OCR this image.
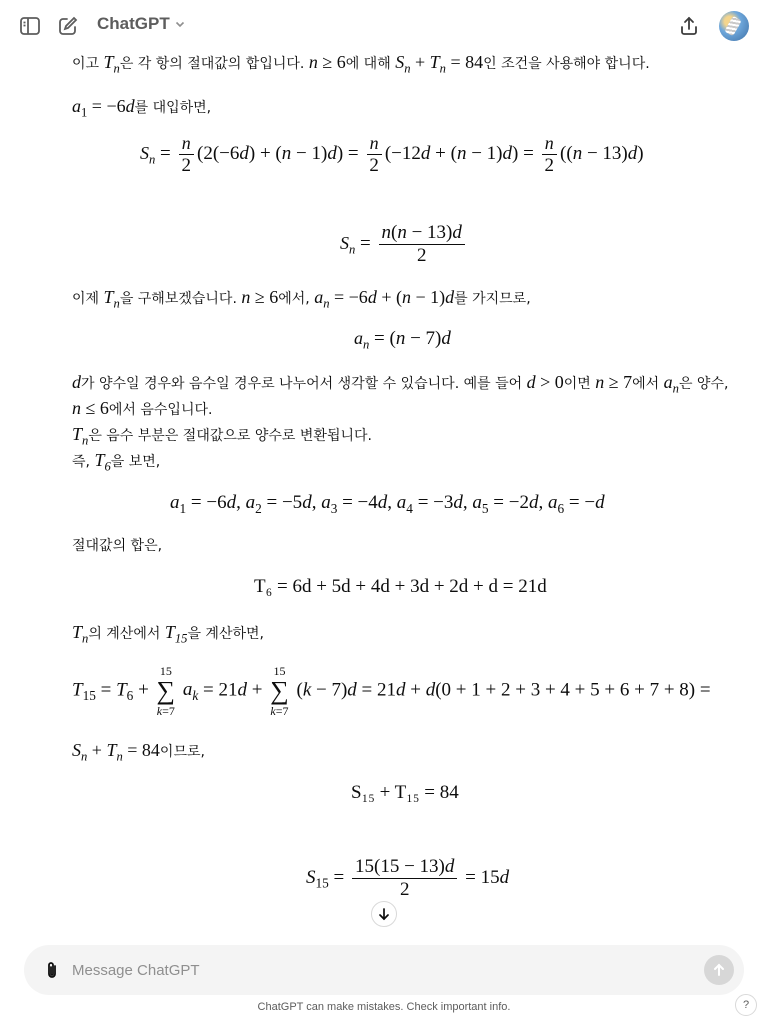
ChatGPT
이고 $T_n$은 각 항의 절대값의 합입니다. n ≥ 6에 대해 $S_n + T_n = 84$인 조건을 사용해야 합니다.
$a_1 = -6d$를 대입하면,
$S_n = \frac{n}{2} (2(-6d) + (n - 1)d) = \frac{n}{2} (-12d + (n - 1)d) = \frac{n}{2} ((n - 13)d)$
$S_n = \frac{n(n - 13)d}{2}$
이제 $T_n$을 구해보겠습니다. n ≥ 6에서, $a_n = -6d + (n - 1)d$를 가지므로,
$a_n = (n - 7)d$
d가 양수일 경우와 음수일 경우로 나누어서 생각할 수 있습니다. 예를 들어 d > 0이면 n ≥ 7에서 $a_n$은 양수,
n ≤ 6에서 음수입니다.
$T_n$은 음수 부분은 절대값으로 양수로 변환됩니다.
즉, $T_6$을 보면,
$a_1 = -6d$, $a_2 = -5d$, $a_3 = -4d$, $a_4 = -3d$, $a_5 = -2d$, $a_6 = -d$
절대값의 합은,
T₆ = 6d + 5d + 4d + 3d + 2d + d = 21d
$T_n$의 계산에서 $T_{15}$을 계산하면,
$T_{15} = T_6$ +
15
∑
k=7
$a_k = 21d$ +
15
∑
k=7
(k − 7)d = 21d + d(0 + 1 + 2 + 3 + 4 + 5 + 6 + 7 + 8) =
$S_n + T_n = 84$이므로,
S₁₅ + T₁₅ = 84
$S_{15} = \frac{15(15 - 13)d}{2} = 15d$
Message ChatGPT
ChatGPT can make mistakes. Check important info.	?
